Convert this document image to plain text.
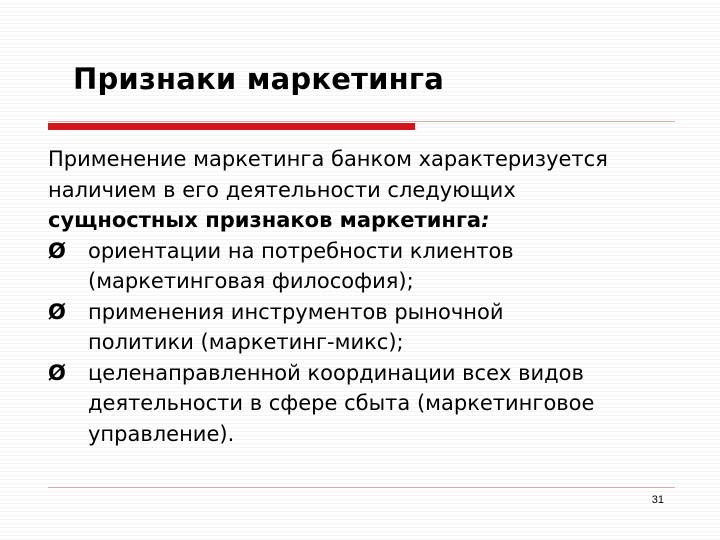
Признаки маркетинга
Применение маркетинга банком характеризуется
наличием в его деятельности следующих
сущностных признаков маркетинга:
Ø	ориентации на потребности клиентов
(маркетинговая философия);
Ø	применения инструментов рыночной
политики (маркетинг-микс);
Ø	целенаправленной координации всех видов
деятельности в сфере сбыта (маркетинговое
управление).
31
